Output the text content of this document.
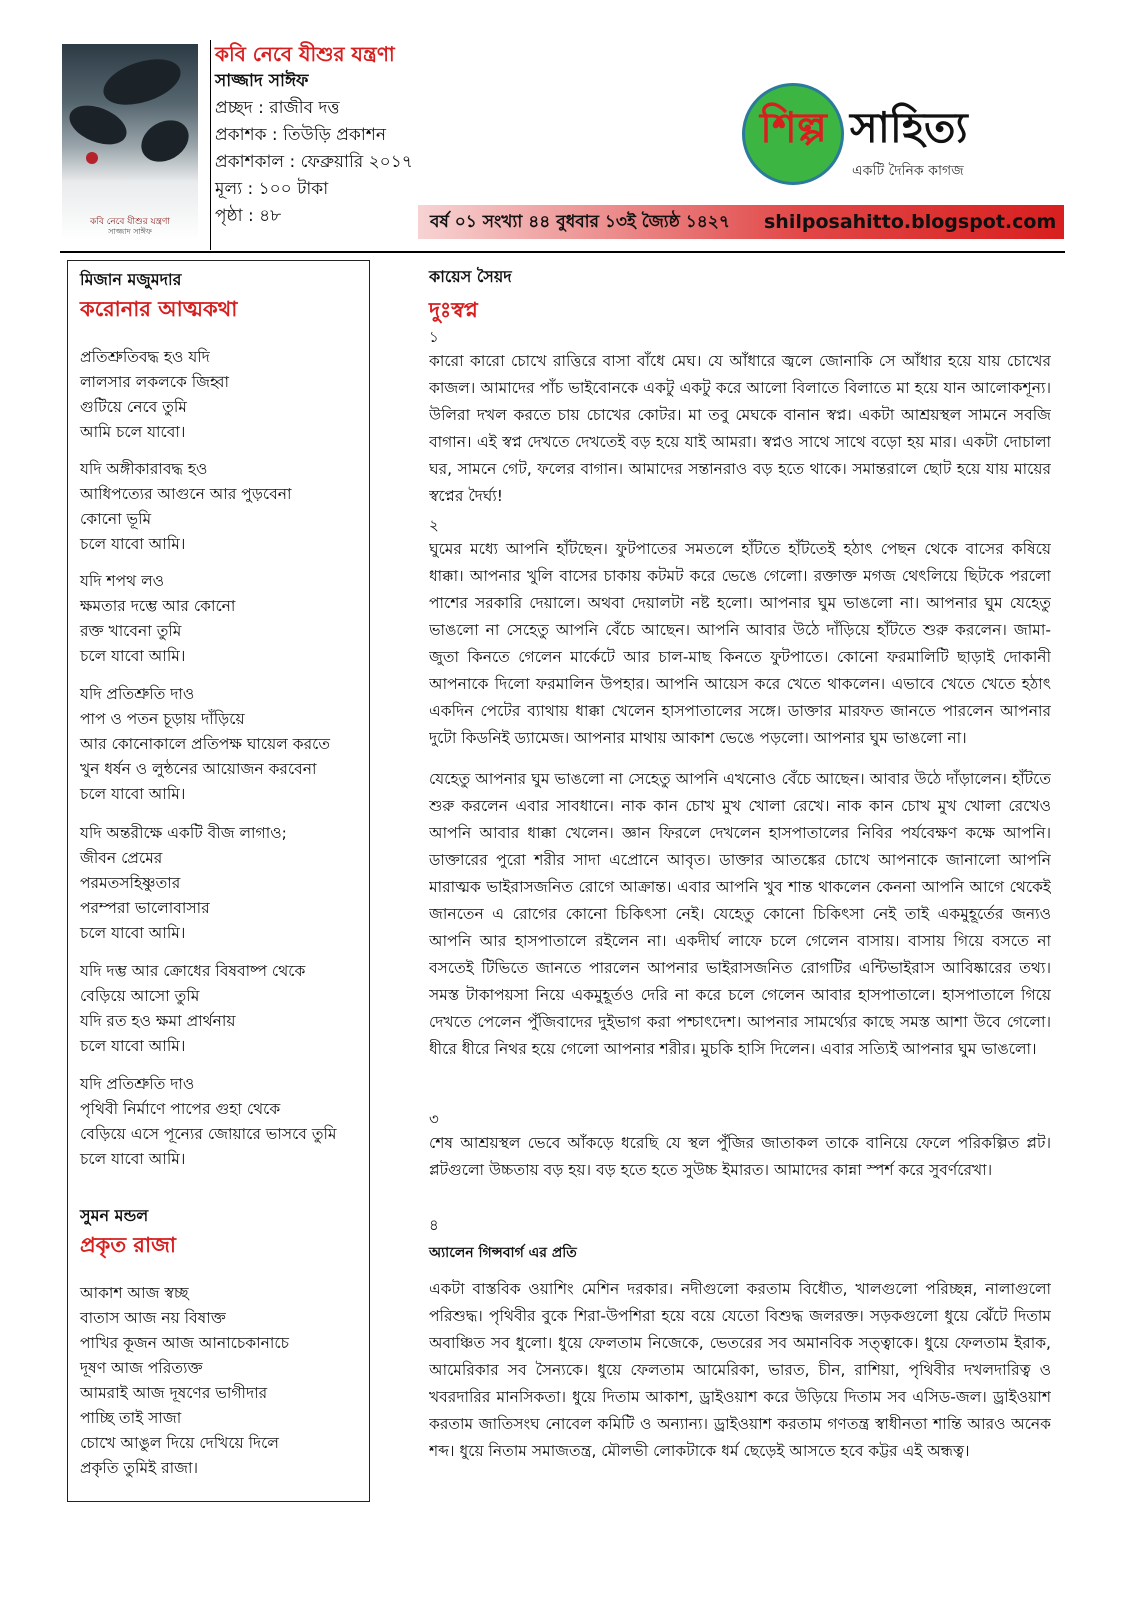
কবি নেবে যীশুর যন্ত্রণা
সাজ্জাদ সাঈফ
কবি নেবে যীশুর যন্ত্রণা
সাজ্জাদ সাঈফ
প্রচ্ছদ : রাজীব দত্ত
প্রকাশক : তিউড়ি প্রকাশন
প্রকাশকাল : ফেব্রুয়ারি ২০১৭
মূল্য : ১০০ টাকা
পৃষ্ঠা : ৪৮
শিল্প সাহিত্য
একটি দৈনিক কাগজ
বর্ষ ০১ সংখ্যা ৪৪ বুধবার ১৩ই জ্যৈষ্ঠ ১৪২৭ shilposahitto.blogspot.com
মিজান মজুমদার
করোনার আত্মকথা
প্রতিশ্রুতিবদ্ধ হও যদি
লালসার লকলকে জিহ্বা
গুটিয়ে নেবে তুমি
আমি চলে যাবো।
যদি অঙ্গীকারাবদ্ধ হও
আধিপত্যের আগুনে আর পুড়বেনা
কোনো ভূমি
চলে যাবো আমি।
যদি শপথ লও
ক্ষমতার দম্ভে আর কোনো
রক্ত খাবেনা তুমি
চলে যাবো আমি।
যদি প্রতিশ্রুতি দাও
পাপ ও পতন চূড়ায় দাঁড়িয়ে
আর কোনোকালে প্রতিপক্ষ ঘায়েল করতে
খুন ধর্ষন ও লুন্ঠনের আয়োজন করবেনা
চলে যাবো আমি।
যদি অন্তরীক্ষে একটি বীজ লাগাও;
জীবন প্রেমের
পরমতসহিষ্ণুতার
পরম্পরা ভালোবাসার
চলে যাবো আমি।
যদি দম্ভ আর ক্রোধের বিষবাষ্প থেকে
বেড়িয়ে আসো তুমি
যদি রত হও ক্ষমা প্রার্থনায়
চলে যাবো আমি।
যদি প্রতিশ্রুতি দাও
পৃথিবী নির্মাণে পাপের গুহা থেকে
বেড়িয়ে এসে পূন্যের জোয়ারে ভাসবে তুমি
চলে যাবো আমি।
সুমন মন্ডল
প্রকৃত রাজা
আকাশ আজ স্বচ্ছ
বাতাস আজ নয় বিষাক্ত
পাখির কূজন আজ আনাচেকানাচে
দূষণ আজ পরিত্যক্ত
আমরাই আজ দূষণের ভাগীদার
পাচ্ছি তাই সাজা
চোখে আঙুল দিয়ে দেখিয়ে দিলে
প্রকৃতি তুমিই রাজা।
কায়েস সৈয়দ
দুঃস্বপ্ন
১
কারো কারো চোখে রাত্তিরে বাসা বাঁধে মেঘ। যে আঁধারে জ্বলে জোনাকি সে আঁধার হয়ে যায় চোখের কাজল। আমাদের পাঁচ ভাইবোনকে একটু একটু করে আলো বিলাতে বিলাতে মা হয়ে যান আলোকশূন্য। উলিরা দখল করতে চায় চোখের কোটর। মা তবু মেঘকে বানান স্বপ্ন। একটা আশ্রয়স্থল সামনে সবজি বাগান। এই স্বপ্ন দেখতে দেখতেই বড় হয়ে যাই আমরা। স্বপ্নও সাথে সাথে বড়ো হয় মার। একটা দোচালা ঘর, সামনে গেট, ফলের বাগান। আমাদের সন্তানরাও বড় হতে থাকে। সমান্তরালে ছোট হয়ে যায় মায়ের স্বপ্নের দৈর্ঘ্য!
২
ঘুমের মধ্যে আপনি হাঁটছেন। ফুটপাতের সমতলে হাঁটতে হাঁটতেই হঠাৎ পেছন থেকে বাসের কষিয়ে ধাক্কা। আপনার খুলি বাসের চাকায় কটমট করে ভেঙে গেলো। রক্তাক্ত মগজ থেৎলিয়ে ছিটকে পরলো পাশের সরকারি দেয়ালে। অথবা দেয়ালটা নষ্ট হলো। আপনার ঘুম ভাঙলো না। আপনার ঘুম যেহেতু ভাঙলো না সেহেতু আপনি বেঁচে আছেন। আপনি আবার উঠে দাঁড়িয়ে হাঁটতে শুরু করলেন। জামা-জুতা কিনতে গেলেন মার্কেটে আর চাল-মাছ কিনতে ফুটপাতে। কোনো ফরমালিটি ছাড়াই দোকানী আপনাকে দিলো ফরমালিন উপহার। আপনি আয়েস করে খেতে থাকলেন। এভাবে খেতে খেতে হঠাৎ একদিন পেটের ব্যাথায় ধাক্কা খেলেন হাসপাতালের সঙ্গে। ডাক্তার মারফত জানতে পারলেন আপনার দুটো কিডনিই ড্যামেজ। আপনার মাথায় আকাশ ভেঙে পড়লো। আপনার ঘুম ভাঙলো না।
যেহেতু আপনার ঘুম ভাঙলো না সেহেতু আপনি এখনোও বেঁচে আছেন। আবার উঠে দাঁড়ালেন। হাঁটতে শুরু করলেন এবার সাবধানে। নাক কান চোখ মুখ খোলা রেখে। নাক কান চোখ মুখ খোলা রেখেও আপনি আবার ধাক্কা খেলেন। জ্ঞান ফিরলে দেখলেন হাসপাতালের নিবির পর্যবেক্ষণ কক্ষে আপনি। ডাক্তারের পুরো শরীর সাদা এপ্রোনে আবৃত। ডাক্তার আতঙ্কের চোখে আপনাকে জানালো আপনি মারাত্মক ভাইরাসজনিত রোগে আক্রান্ত। এবার আপনি খুব শান্ত থাকলেন কেননা আপনি আগে থেকেই জানতেন এ রোগের কোনো চিকিৎসা নেই। যেহেতু কোনো চিকিৎসা নেই তাই একমুহূর্তের জন্যও আপনি আর হাসপাতালে রইলেন না। একদীর্ঘ লাফে চলে গেলেন বাসায়। বাসায় গিয়ে বসতে না বসতেই টিভিতে জানতে পারলেন আপনার ভাইরাসজনিত রোগটির এন্টিভাইরাস আবিষ্কারের তথ্য। সমস্ত টাকাপয়সা নিয়ে একমুহূর্তও দেরি না করে চলে গেলেন আবার হাসপাতালে। হাসপাতালে গিয়ে দেখতে পেলেন পুঁজিবাদের দুইভাগ করা পশ্চাৎদেশ। আপনার সামর্থ্যের কাছে সমস্ত আশা উবে গেলো। ধীরে ধীরে নিথর হয়ে গেলো আপনার শরীর। মুচকি হাসি দিলেন। এবার সত্যিই আপনার ঘুম ভাঙলো।
৩
শেষ আশ্রয়স্থল ভেবে আঁকড়ে ধরেছি যে স্থল পুঁজির জাতাকল তাকে বানিয়ে ফেলে পরিকল্পিত প্লট। প্লটগুলো উচ্চতায় বড় হয়। বড় হতে হতে সুউচ্চ ইমারত। আমাদের কান্না স্পর্শ করে সুবর্ণরেখা।
৪
অ্যালেন গিন্সবার্গ এর প্রতি
একটা বাস্তবিক ওয়াশিং মেশিন দরকার। নদীগুলো করতাম বিধৌত, খালগুলো পরিচ্ছন্ন, নালাগুলো পরিশুদ্ধ। পৃথিবীর বুকে শিরা-উপশিরা হয়ে বয়ে যেতো বিশুদ্ধ জলরক্ত। সড়কগুলো ধুয়ে ঝেঁটে দিতাম অবাঞ্চিত সব ধুলো। ধুয়ে ফেলতাম নিজেকে, ভেতরের সব অমানবিক সত্ত্বাকে। ধুয়ে ফেলতাম ইরাক, আমেরিকার সব সৈন্যকে। ধুয়ে ফেলতাম আমেরিকা, ভারত, চীন, রাশিয়া, পৃথিবীর দখলদারিত্ব ও খবরদারির মানসিকতা। ধুয়ে দিতাম আকাশ, ড্রাইওয়াশ করে উড়িয়ে দিতাম সব এসিড-জল। ড্রাইওয়াশ করতাম জাতিসংঘ নোবেল কমিটি ও অন্যান্য। ড্রাইওয়াশ করতাম গণতন্ত্র স্বাধীনতা শান্তি আরও অনেক শব্দ। ধুয়ে নিতাম সমাজতন্ত্র, মৌলভী লোকটাকে ধর্ম ছেড়েই আসতে হবে কট্টর এই অন্ধত্ব।
